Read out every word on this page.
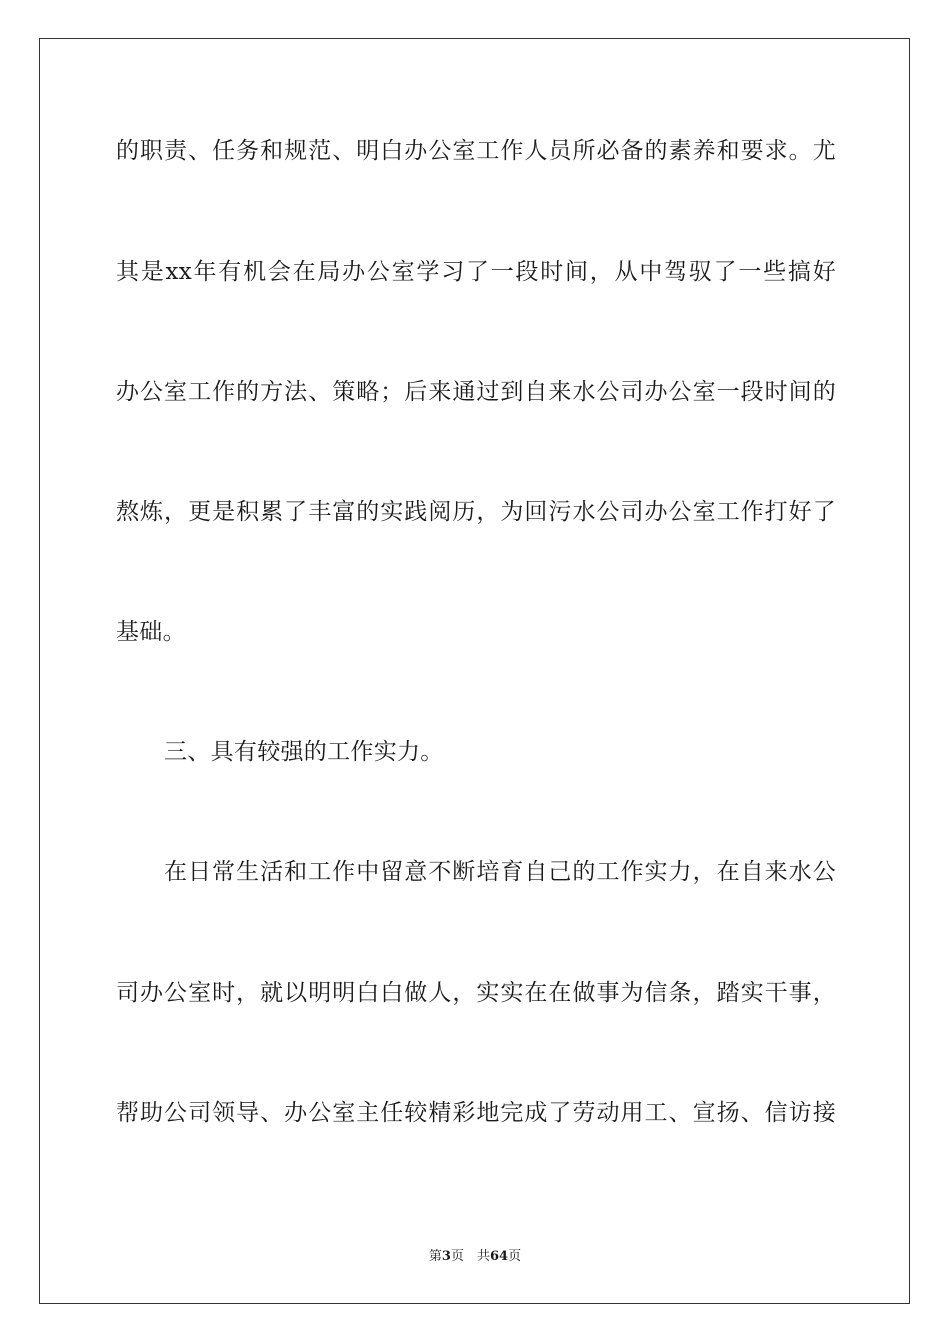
的职责、任务和规范、明白办公室工作人员所必备的素养和要求。尤
其是xx年有机会在局办公室学习了一段时间，从中驾驭了一些搞好
办公室工作的方法、策略；后来通过到自来水公司办公室一段时间的
熬炼，更是积累了丰富的实践阅历，为回污水公司办公室工作打好了
基础。
三、具有较强的工作实力。
在日常生活和工作中留意不断培育自己的工作实力，在自来水公
司办公室时，就以明明白白做人，实实在在做事为信条，踏实干事，
帮助公司领导、办公室主任较精彩地完成了劳动用工、宣扬、信访接
第3页　共64页
